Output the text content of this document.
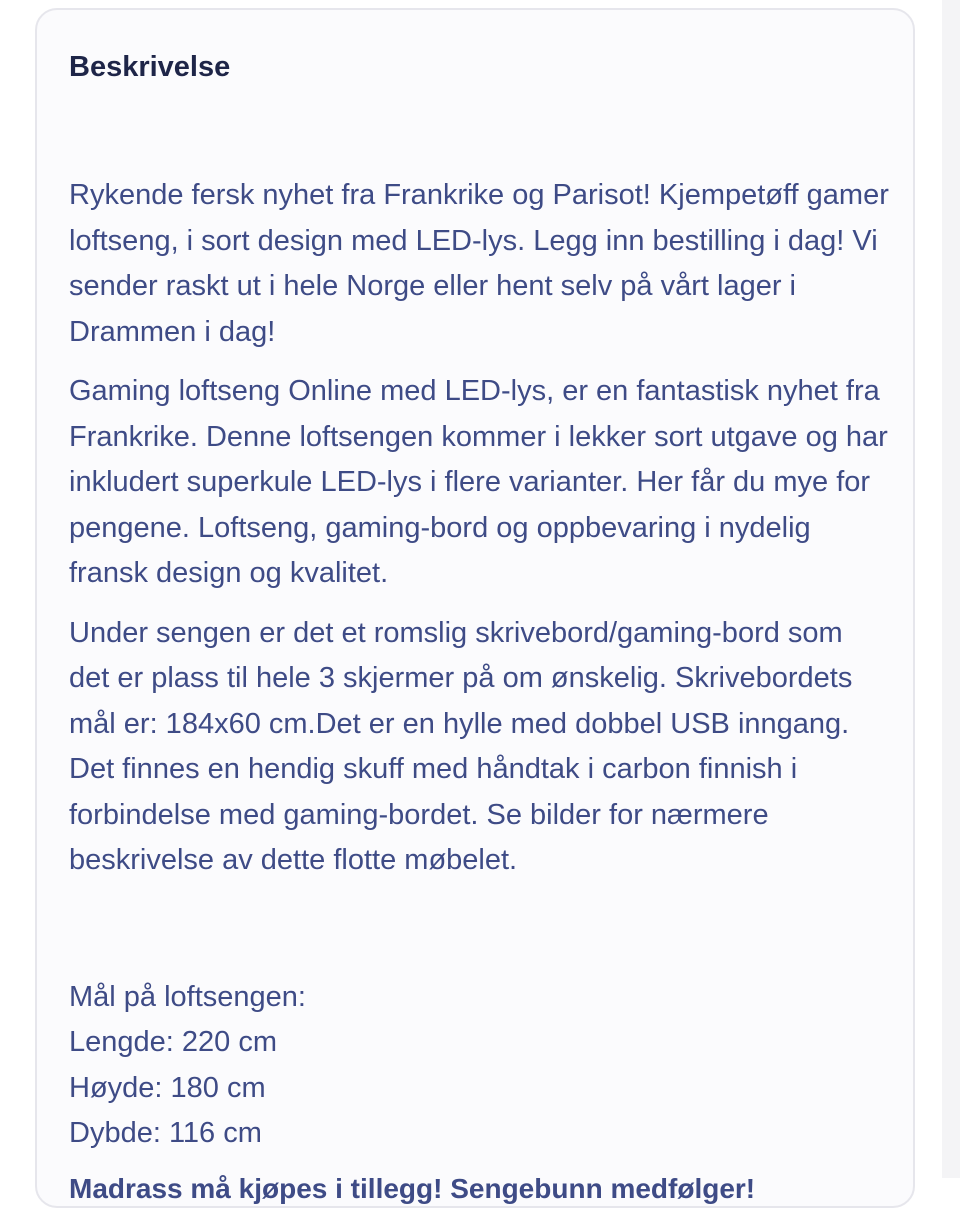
Beskrivelse

Rykende fersk nyhet fra Frankrike og Parisot! Kjempetøff gamer loftseng, i sort design med LED-lys. Legg inn bestilling i dag! Vi sender raskt ut i hele Norge eller hent selv på vårt lager i Drammen i dag!

Gaming loftseng Online med LED-lys, er en fantastisk nyhet fra Frankrike. Denne loftsengen kommer i lekker sort utgave og har inkludert superkule LED-lys i flere varianter. Her får du mye for pengene. Loftseng, gaming-bord og oppbevaring i nydelig fransk design og kvalitet.

Under sengen er det et romslig skrivebord/gaming-bord som det er plass til hele 3 skjermer på om ønskelig. Skrivebordets mål er: 184x60 cm.Det er en hylle med dobbel USB inngang. Det finnes en hendig skuff med håndtak i carbon finnish i forbindelse med gaming-bordet. Se bilder for nærmere beskrivelse av dette flotte møbelet.

Mål på loftsengen:
Lengde: 220 cm
Høyde: 180 cm
Dybde: 116 cm

Madrass må kjøpes i tillegg! Sengebunn medfølger!
